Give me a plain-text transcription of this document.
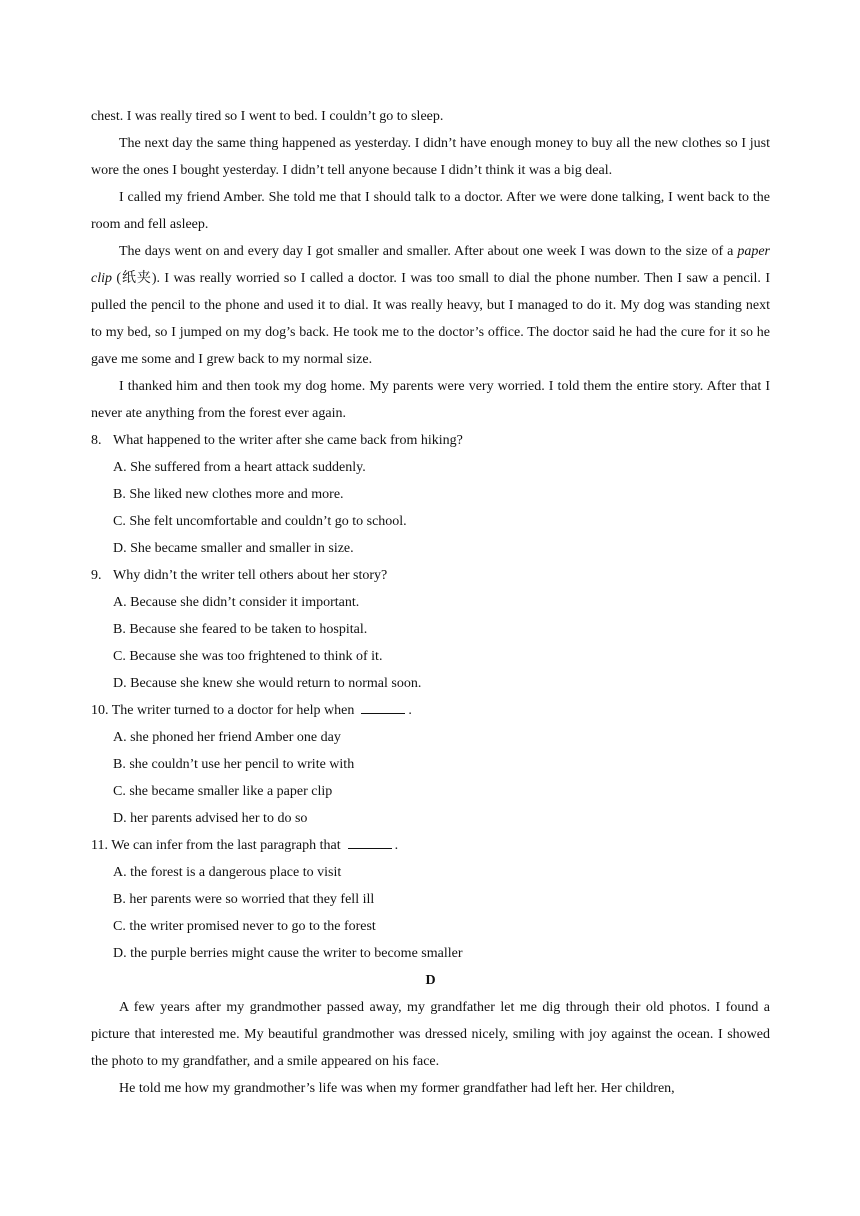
chest. I was really tired so I went to bed. I couldn’t go to sleep.

The next day the same thing happened as yesterday. I didn’t have enough money to buy all the new clothes so I just wore the ones I bought yesterday. I didn’t tell anyone because I didn’t think it was a big deal.

I called my friend Amber. She told me that I should talk to a doctor. After we were done talking, I went back to the room and fell asleep.

The days went on and every day I got smaller and smaller. After about one week I was down to the size of a paper clip (纸夹). I was really worried so I called a doctor. I was too small to dial the phone number. Then I saw a pencil. I pulled the pencil to the phone and used it to dial. It was really heavy, but I managed to do it. My dog was standing next to my bed, so I jumped on my dog’s back. He took me to the doctor’s office. The doctor said he had the cure for it so he gave me some and I grew back to my normal size.

I thanked him and then took my dog home. My parents were very worried. I told them the entire story. After that I never ate anything from the forest ever again.

8. What happened to the writer after she came back from hiking?

A. She suffered from a heart attack suddenly.

B. She liked new clothes more and more.

C. She felt uncomfortable and couldn’t go to school.

D. She became smaller and smaller in size.

9. Why didn’t the writer tell others about her story?

A. Because she didn’t consider it important.

B. Because she feared to be taken to hospital.

C. Because she was too frightened to think of it.

D. Because she knew she would return to normal soon.

10. The writer turned to a doctor for help when	.

A. she phoned her friend Amber one day

B. she couldn’t use her pencil to write with

C. she became smaller like a paper clip

D. her parents advised her to do so

11. We can infer from the last paragraph that	.

A. the forest is a dangerous place to visit

B. her parents were so worried that they fell ill

C. the writer promised never to go to the forest

D. the purple berries might cause the writer to become smaller

D

A few years after my grandmother passed away, my grandfather let me dig through their old photos. I found a picture that interested me. My beautiful grandmother was dressed nicely, smiling with joy against the ocean. I showed the photo to my grandfather, and a smile appeared on his face.

He told me how my grandmother’s life was when my former grandfather had left her. Her children,
